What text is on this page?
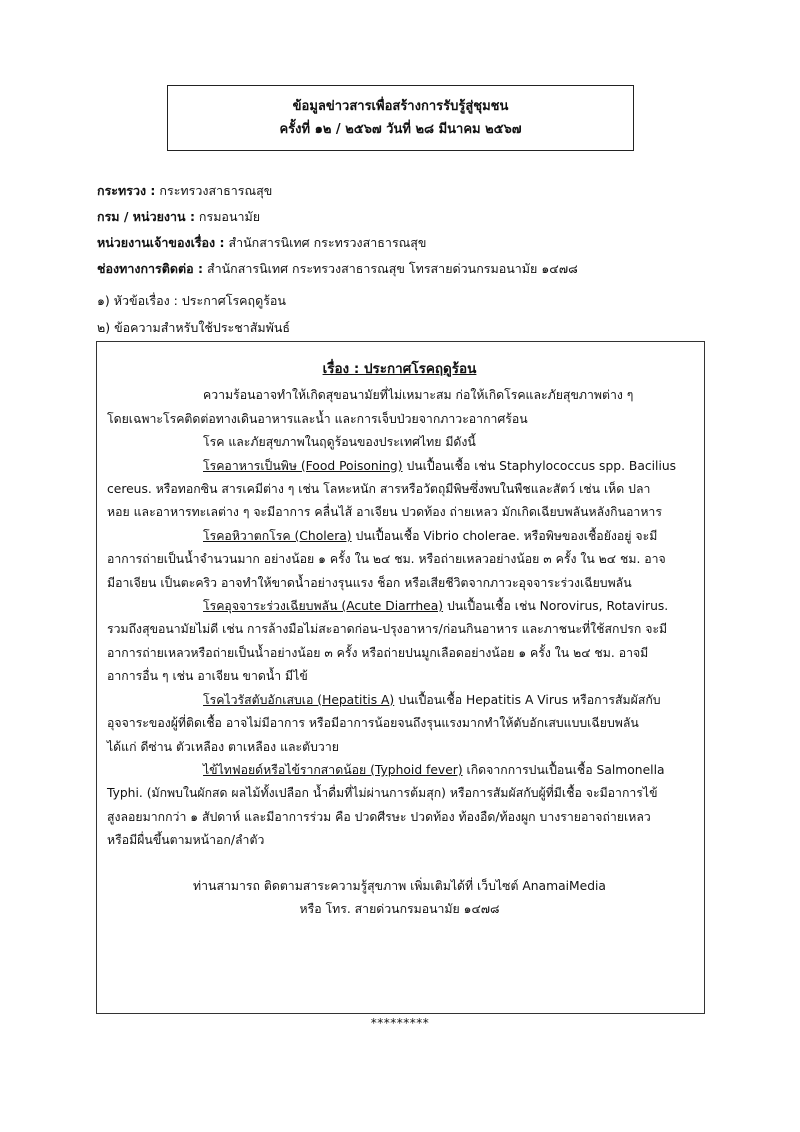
ข้อมูลข่าวสารเพื่อสร้างการรับรู้สู่ชุมชน
ครั้งที่ ๑๒ / ๒๕๖๗ วันที่ ๒๘ มีนาคม ๒๕๖๗
กระทรวง : กระทรวงสาธารณสุข
กรม / หน่วยงาน : กรมอนามัย
หน่วยงานเจ้าของเรื่อง : สำนักสารนิเทศ กระทรวงสาธารณสุข
ช่องทางการติดต่อ : สำนักสารนิเทศ กระทรวงสาธารณสุข โทรสายด่วนกรมอนามัย ๑๔๗๘
๑) หัวข้อเรื่อง : ประกาศโรคฤดูร้อน
๒) ข้อความสำหรับใช้ประชาสัมพันธ์
เรื่อง : ประกาศโรคฤดูร้อน

ความร้อนอาจทำให้เกิดสุขอนามัยที่ไม่เหมาะสม ก่อให้เกิดโรคและภัยสุขภาพต่าง ๆ

โดยเฉพาะโรคติดต่อทางเดินอาหารและน้ำ และการเจ็บป่วยจากภาวะอากาศร้อน

โรค และภัยสุขภาพในฤดูร้อนของประเทศไทย มีดังนี้

โรคอาหารเป็นพิษ (Food Poisoning) ปนเปื้อนเชื้อ เช่น Staphylococcus spp. Bacilius

cereus. หรือทอกซิน สารเคมีต่าง ๆ เช่น โลหะหนัก สารหรือวัตถุมีพิษซึ่งพบในพืชและสัตว์ เช่น เห็ด ปลา

หอย และอาหารทะเลต่าง ๆ จะมีอาการ คลื่นไส้ อาเจียน ปวดท้อง ถ่ายเหลว มักเกิดเฉียบพลันหลังกินอาหาร

โรคอหิวาตกโรค (Cholera) ปนเปื้อนเชื้อ Vibrio cholerae. หรือพิษของเชื้อยังอยู่ จะมี

อาการถ่ายเป็นน้ำจำนวนมาก อย่างน้อย ๑ ครั้ง ใน ๒๔ ชม. หรือถ่ายเหลวอย่างน้อย ๓ ครั้ง ใน ๒๔ ชม. อาจ

มีอาเจียน เป็นตะคริว อาจทำให้ขาดน้ำอย่างรุนแรง ช็อก หรือเสียชีวิตจากภาวะอุจจาระร่วงเฉียบพลัน

โรคอุจจาระร่วงเฉียบพลัน (Acute Diarrhea) ปนเปื้อนเชื้อ เช่น Norovirus, Rotavirus.

รวมถึงสุขอนามัยไม่ดี เช่น การล้างมือไม่สะอาดก่อน-ปรุงอาหาร/ก่อนกินอาหาร และภาชนะที่ใช้สกปรก จะมี

อาการถ่ายเหลวหรือถ่ายเป็นน้ำอย่างน้อย ๓ ครั้ง หรือถ่ายปนมูกเลือดอย่างน้อย ๑ ครั้ง ใน ๒๔ ชม. อาจมี

อาการอื่น ๆ เช่น อาเจียน ขาดน้ำ มีไข้

โรคไวรัสตับอักเสบเอ (Hepatitis A) ปนเปื้อนเชื้อ Hepatitis A Virus หรือการสัมผัสกับ

อุจจาระของผู้ที่ติดเชื้อ อาจไม่มีอาการ หรือมีอาการน้อยจนถึงรุนแรงมากทำให้ตับอักเสบแบบเฉียบพลัน

ได้แก่ ดีซ่าน ตัวเหลือง ตาเหลือง และตับวาย

ไข้ไทฟอยด์หรือไข้รากสาดน้อย (Typhoid fever) เกิดจากการปนเปื้อนเชื้อ Salmonella

Typhi. (มักพบในผักสด ผลไม้ทั้งเปลือก น้ำดื่มที่ไม่ผ่านการต้มสุก) หรือการสัมผัสกับผู้ที่มีเชื้อ จะมีอาการไข้

สูงลอยมากกว่า ๑ สัปดาห์ และมีอาการร่วม คือ ปวดศีรษะ ปวดท้อง ท้องอืด/ท้องผูก บางรายอาจถ่ายเหลว

หรือมีผื่นขึ้นตามหน้าอก/ลำตัว

ท่านสามารถ ติดตามสาระความรู้สุขภาพ เพิ่มเติมได้ที่ เว็บไซต์ AnamaiMedia

หรือ โทร. สายด่วนกรมอนามัย ๑๔๗๘

*********
